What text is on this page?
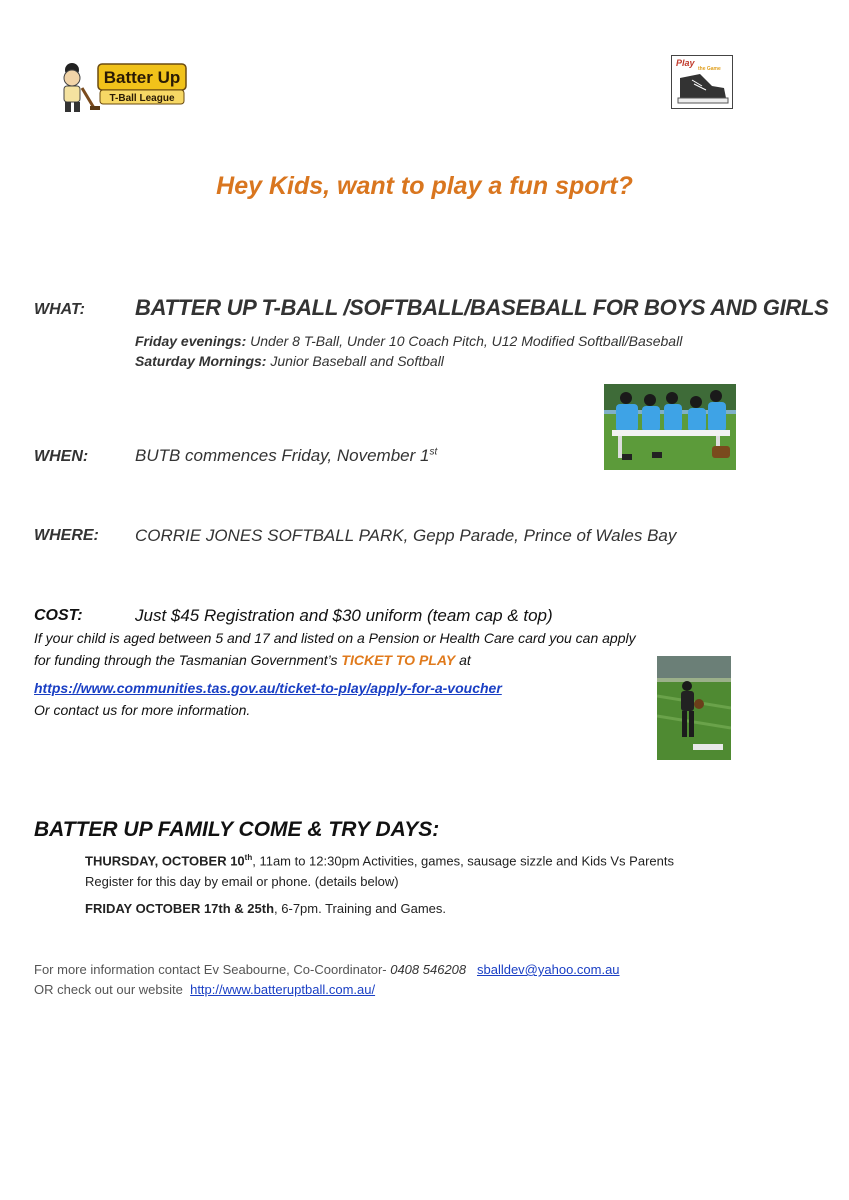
Batter Up
T-Ball League
Play
the Game
Hey Kids, want to play a fun sport?
WHAT: BATTER UP T-BALL /SOFTBALL/BASEBALL FOR BOYS AND GIRLS
Friday evenings: Under 8 T-Ball, Under 10 Coach Pitch, U12 Modified Softball/Baseball
Saturday Mornings: Junior Baseball and Softball
WHEN:	BUTB commences Friday, November 1st
WHERE: CORRIE JONES SOFTBALL PARK, Gepp Parade, Prince of Wales Bay
COST:	Just $45 Registration and $30 uniform (team cap & top)
If your child is aged between 5 and 17 and listed on a Pension or Health Care card you can apply
for funding through the Tasmanian Government’s TICKET TO PLAY at
https://www.communities.tas.gov.au/ticket-to-play/apply-for-a-voucher
Or contact us for more information.
BATTER UP FAMILY COME & TRY DAYS:
THURSDAY, OCTOBER 10th, 11am to 12:30pm Activities, games, sausage sizzle and Kids Vs Parents
Register for this day by email or phone. (details below)
FRIDAY OCTOBER 17th & 25th, 6-7pm. Training and Games.
For more information contact Ev Seabourne, Co-Coordinator- 0408 546208 sballdev@yahoo.com.au
OR check out our website  http://www.batteruptball.com.au/
